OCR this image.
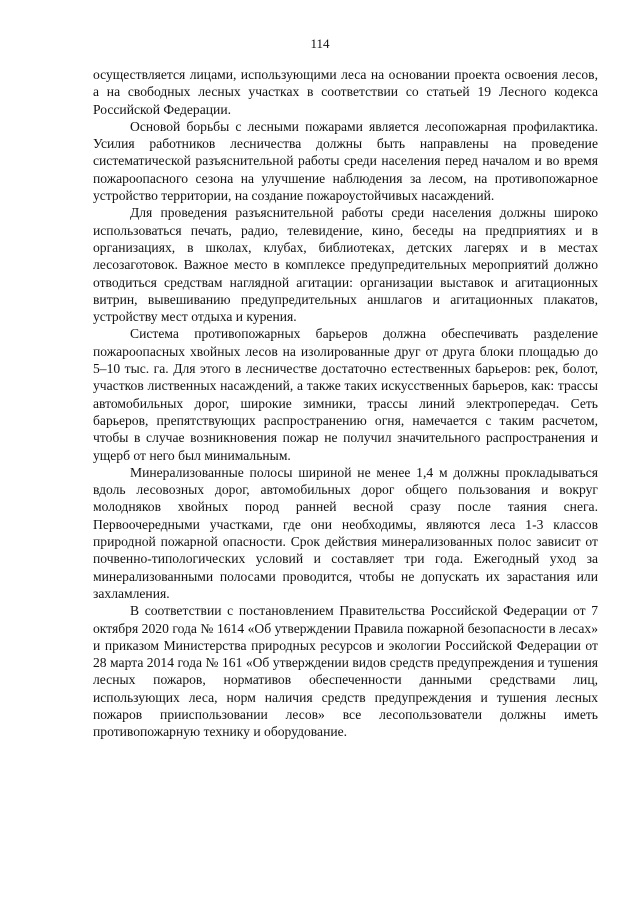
114

осуществляется лицами, использующими леса на основании проекта освоения лесов, а на свободных лесных участках в соответствии со статьей 19 Лесного кодекса Российской Федерации.

Основой борьбы с лесными пожарами является лесопожарная профилактика. Усилия работников лесничества должны быть направлены на проведение систематической разъяснительной работы среди населения перед началом и во время пожароопасного сезона на улучшение наблюдения за лесом, на противопожарное устройство территории, на создание пожароустойчивых насаждений.

Для проведения разъяснительной работы среди населения должны широко использоваться печать, радио, телевидение, кино, беседы на предприятиях и в организациях, в школах, клубах, библиотеках, детских лагерях и в местах лесозаготовок. Важное место в комплексе предупредительных мероприятий должно отводиться средствам наглядной агитации: организации выставок и агитационных витрин, вывешиванию предупредительных аншлагов и агитационных плакатов, устройству мест отдыха и курения.

Система противопожарных барьеров должна обеспечивать разделение пожароопасных хвойных лесов на изолированные друг от друга блоки площадью до 5–10 тыс. га. Для этого в лесничестве достаточно естественных барьеров: рек, болот, участков лиственных насаждений, а также таких искусственных барьеров, как: трассы автомобильных дорог, широкие зимники, трассы линий электропередач. Сеть барьеров, препятствующих распространению огня, намечается с таким расчетом, чтобы в случае возникновения пожар не получил значительного распространения и ущерб от него был минимальным.

Минерализованные полосы шириной не менее 1,4 м должны прокладываться вдоль лесовозных дорог, автомобильных дорог общего пользования и вокруг молодняков хвойных пород ранней весной сразу после таяния снега. Первоочередными участками, где они необходимы, являются леса 1-3 классов природной пожарной опасности. Срок действия минерализованных полос зависит от почвенно-типологических условий и составляет три года. Ежегодный уход за минерализованными полосами проводится, чтобы не допускать их зарастания или захламления.

В соответствии с постановлением Правительства Российской Федерации от 7 октября 2020 года № 1614 «Об утверждении Правила пожарной безопасности в лесах» и приказом Министерства природных ресурсов и экологии Российской Федерации от 28 марта 2014 года № 161 «Об утверждении видов средств предупреждения и тушения лесных пожаров, нормативов обеспеченности данными средствами лиц, использующих леса, норм наличия средств предупреждения и тушения лесных пожаров прииспользовании лесов» все лесопользователи должны иметь противопожарную технику и оборудование.
